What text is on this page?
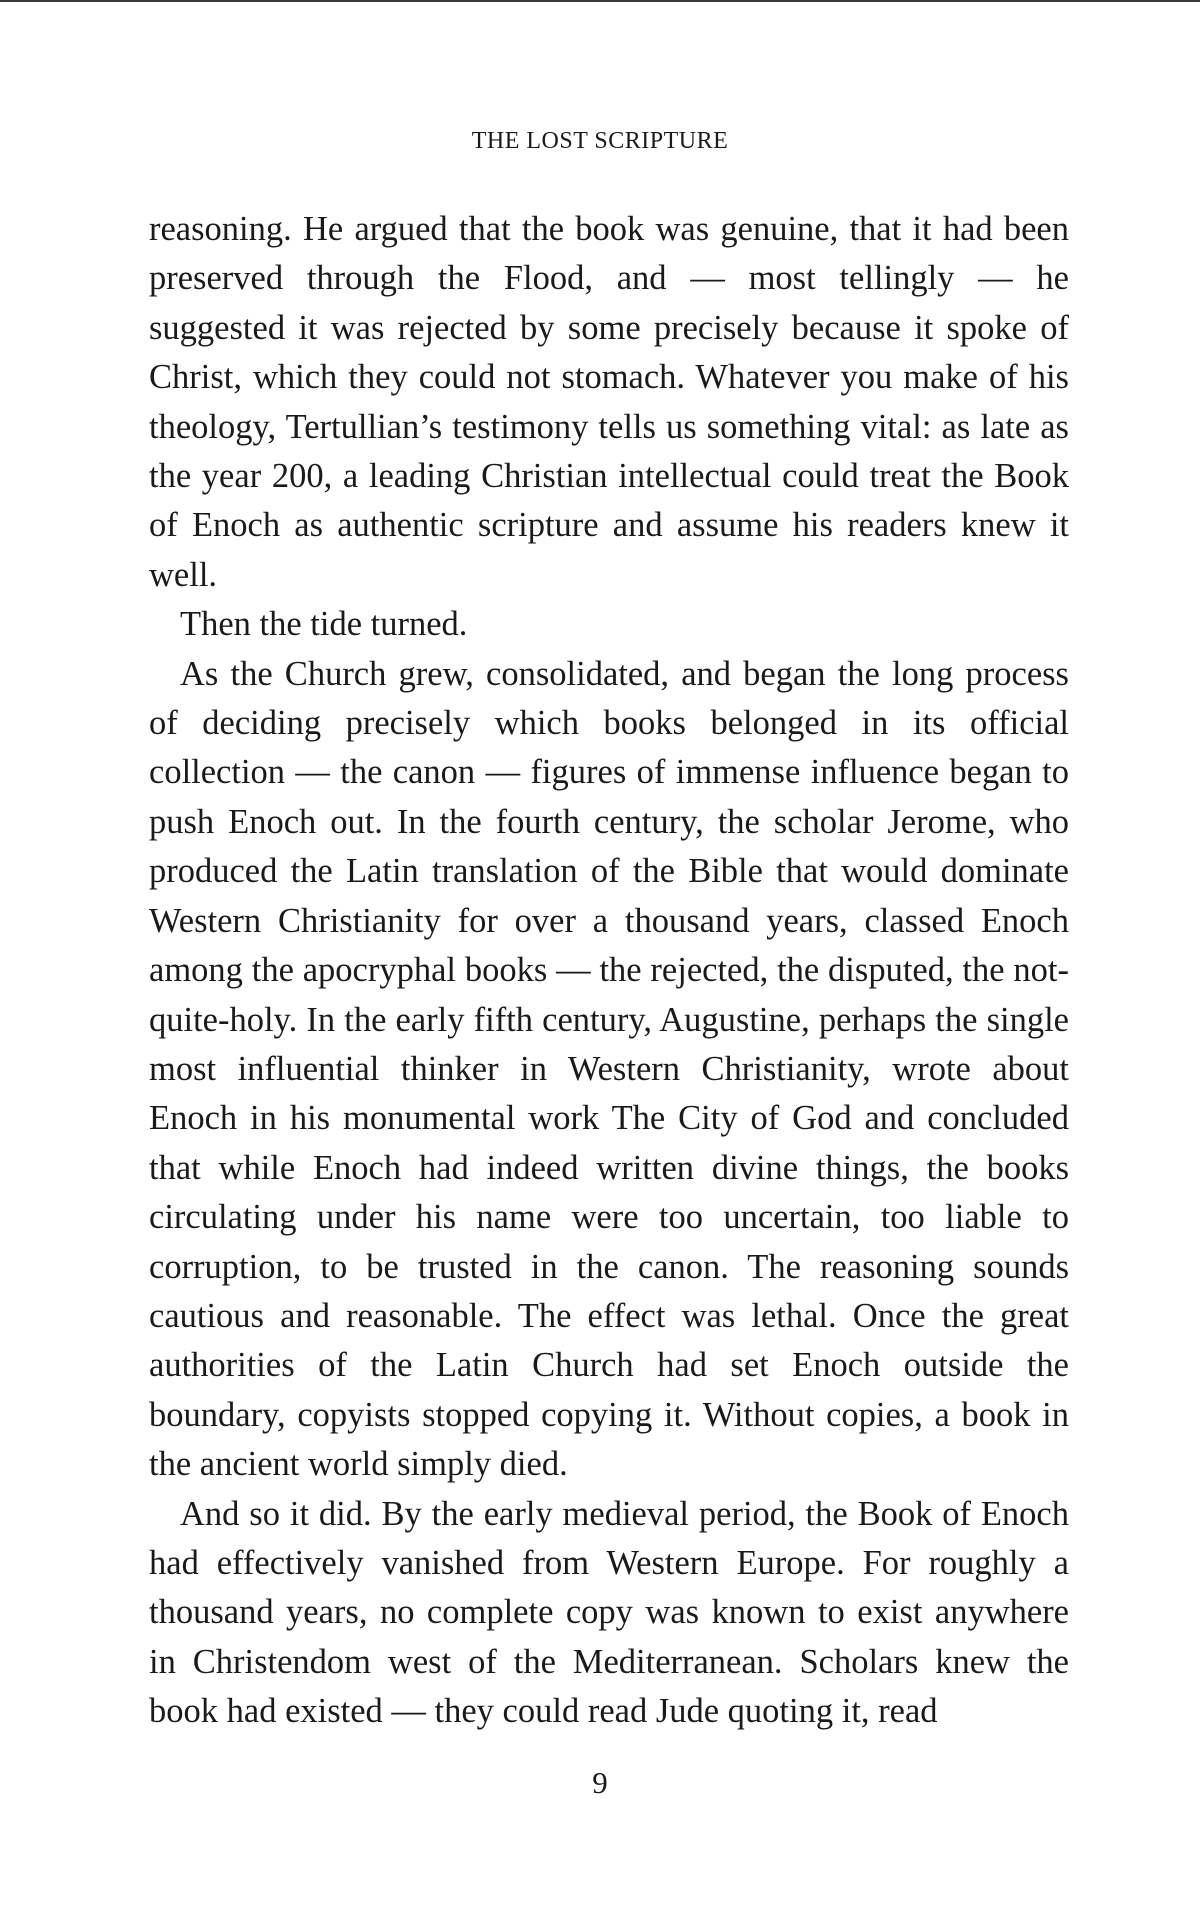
THE LOST SCRIPTURE

reasoning. He argued that the book was genuine, that it had been preserved through the Flood, and — most tellingly — he suggested it was rejected by some precisely because it spoke of Christ, which they could not stomach. Whatever you make of his theology, Tertullian’s testimony tells us something vital: as late as the year 200, a leading Christian intellectual could treat the Book of Enoch as authentic scripture and assume his readers knew it well.

Then the tide turned.

As the Church grew, consolidated, and began the long process of deciding precisely which books belonged in its official collection — the canon — figures of immense influence began to push Enoch out. In the fourth century, the scholar Jerome, who produced the Latin translation of the Bible that would dominate Western Christianity for over a thousand years, classed Enoch among the apocryphal books — the rejected, the disputed, the not-quite-holy. In the early fifth century, Augustine, perhaps the single most influential thinker in Western Christianity, wrote about Enoch in his monumental work The City of God and concluded that while Enoch had indeed written divine things, the books circulating under his name were too uncertain, too liable to corruption, to be trusted in the canon. The reasoning sounds cautious and reasonable. The effect was lethal. Once the great authorities of the Latin Church had set Enoch outside the boundary, copyists stopped copying it. Without copies, a book in the ancient world simply died.

And so it did. By the early medieval period, the Book of Enoch had effectively vanished from Western Europe. For roughly a thousand years, no complete copy was known to exist anywhere in Christendom west of the Mediterranean. Scholars knew the book had existed — they could read Jude quoting it, read

9
